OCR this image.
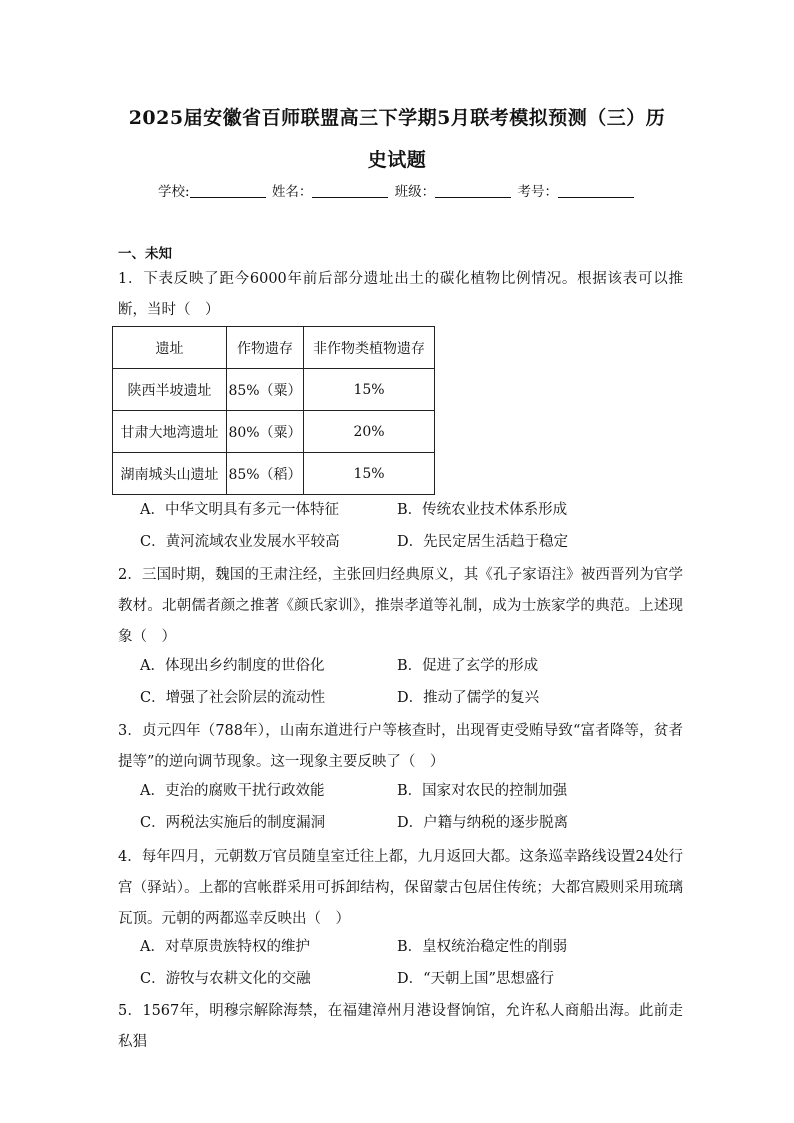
2025届安徽省百师联盟高三下学期5月联考模拟预测（三）历
史试题
学校:	姓名：	班级：	考号：
一、未知
1．下表反映了距今6000年前后部分遗址出土的碳化植物比例情况。根据该表可以推断，当时（　）
遗址	作物遗存	非作物类植物遗存
陕西半坡遗址	85%（粟）	15%
甘肃大地湾遗址	80%（粟）	20%
湖南城头山遗址	85%（稻）	15%
A．中华文明具有多元一体特征	B．传统农业技术体系形成
C．黄河流域农业发展水平较高	D．先民定居生活趋于稳定
2．三国时期，魏国的王肃注经，主张回归经典原义，其《孔子家语注》被西晋列为官学教材。北朝儒者颜之推著《颜氏家训》，推崇孝道等礼制，成为士族家学的典范。上述现象（　）
A．体现出乡约制度的世俗化	B．促进了玄学的形成
C．增强了社会阶层的流动性	D．推动了儒学的复兴
3．贞元四年（788年），山南东道进行户等核查时，出现胥吏受贿导致“富者降等，贫者提等”的逆向调节现象。这一现象主要反映了（　）
A．吏治的腐败干扰行政效能	B．国家对农民的控制加强
C．两税法实施后的制度漏洞	D．户籍与纳税的逐步脱离
4．每年四月，元朝数万官员随皇室迁往上都，九月返回大都。这条巡幸路线设置24处行宫（驿站）。上都的宫帐群采用可拆卸结构，保留蒙古包居住传统；大都宫殿则采用琉璃瓦顶。元朝的两都巡幸反映出（　）
A．对草原贵族特权的维护	B．皇权统治稳定性的削弱
C．游牧与农耕文化的交融	D．“天朝上国”思想盛行
5．1567年，明穆宗解除海禁，在福建漳州月港设督饷馆，允许私人商船出海。此前走私猖
